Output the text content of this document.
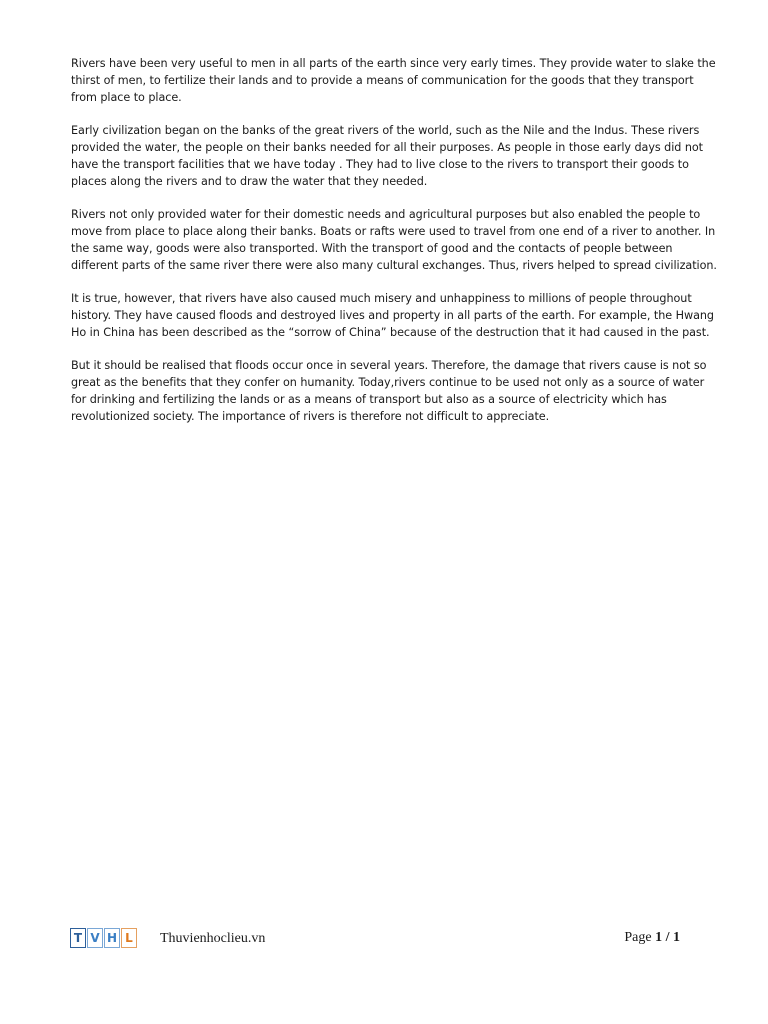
Rivers have been very useful to men in all parts of the earth since very early times. They provide water to slake the thirst of men, to fertilize their lands and to provide a means of communication for the goods that they transport from place to place.

Early civilization began on the banks of the great rivers of the world, such as the Nile and the Indus. These rivers provided the water, the people on their banks needed for all their purposes. As people in those early days did not have the transport facilities that we have today . They had to live close to the rivers to transport their goods to places along the rivers and to draw the water that they needed.

Rivers not only provided water for their domestic needs and agricultural purposes but also enabled the people to move from place to place along their banks. Boats or rafts were used to travel from one end of a river to another. In the same way, goods were also transported. With the transport of good and the contacts of people between different parts of the same river there were also many cultural exchanges. Thus, rivers helped to spread civilization.

It is true, however, that rivers have also caused much misery and unhappiness to millions of people throughout history. They have caused floods and destroyed lives and property in all parts of the earth. For example, the Hwang Ho in China has been described as the “sorrow of China” because of the destruction that it had caused in the past.

But it should be realised that floods occur once in several years. Therefore, the damage that rivers cause is not so great as the benefits that they confer on humanity. Today,rivers continue to be used not only as a source of water for drinking and fertilizing the lands or as a means of transport but also as a source of electricity which has revolutionized society. The importance of rivers is therefore not difficult to appreciate.

T V H L Thuvienhoclieu.vn	Page 1 / 1
